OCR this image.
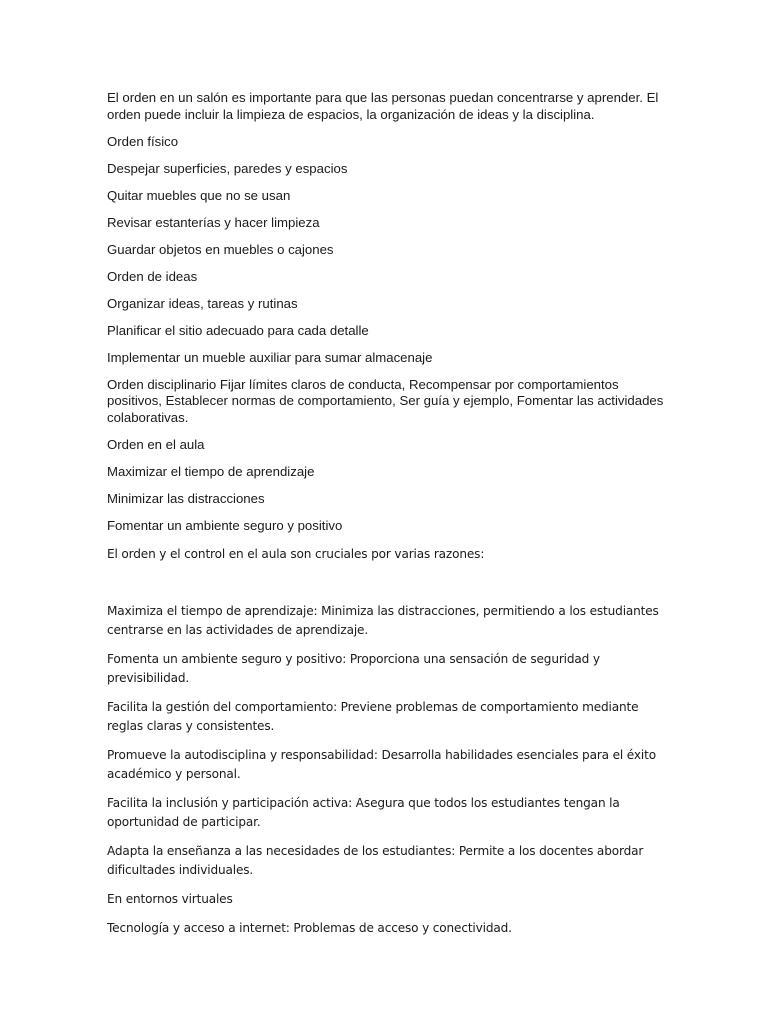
El orden en un salón es importante para que las personas puedan concentrarse y aprender. El orden puede incluir la limpieza de espacios, la organización de ideas y la disciplina.

Orden físico

Despejar superficies, paredes y espacios

Quitar muebles que no se usan

Revisar estanterías y hacer limpieza

Guardar objetos en muebles o cajones

Orden de ideas

Organizar ideas, tareas y rutinas

Planificar el sitio adecuado para cada detalle

Implementar un mueble auxiliar para sumar almacenaje

Orden disciplinario Fijar límites claros de conducta, Recompensar por comportamientos positivos, Establecer normas de comportamiento, Ser guía y ejemplo, Fomentar las actividades colaborativas.

Orden en el aula

Maximizar el tiempo de aprendizaje

Minimizar las distracciones

Fomentar un ambiente seguro y positivo

El orden y el control en el aula son cruciales por varias razones:

Maximiza el tiempo de aprendizaje: Minimiza las distracciones, permitiendo a los estudiantes centrarse en las actividades de aprendizaje.

Fomenta un ambiente seguro y positivo: Proporciona una sensación de seguridad y previsibilidad.

Facilita la gestión del comportamiento: Previene problemas de comportamiento mediante reglas claras y consistentes.

Promueve la autodisciplina y responsabilidad: Desarrolla habilidades esenciales para el éxito académico y personal.

Facilita la inclusión y participación activa: Asegura que todos los estudiantes tengan la oportunidad de participar.

Adapta la enseñanza a las necesidades de los estudiantes: Permite a los docentes abordar dificultades individuales.

En entornos virtuales

Tecnología y acceso a internet: Problemas de acceso y conectividad.
